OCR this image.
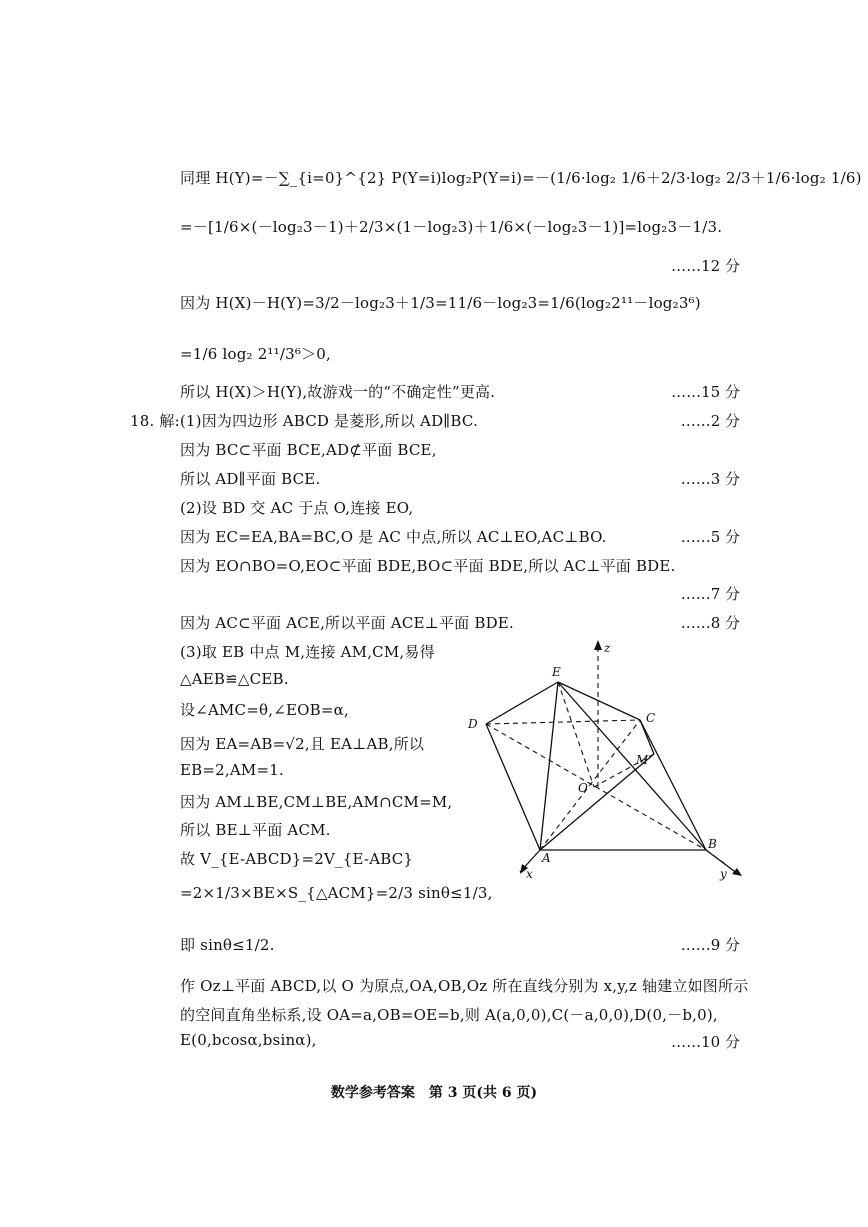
同理 H(Y)=－∑_{i=0}^{2} P(Y=i)log₂P(Y=i)=－(1/6·log₂ 1/6＋2/3·log₂ 2/3＋1/6·log₂ 1/6)
=－[1/6×(－log₂3－1)＋2/3×(1－log₂3)＋1/6×(－log₂3－1)]=log₂3－1/3.
……12 分
因为 H(X)－H(Y)=3/2－log₂3＋1/3=11/6－log₂3=1/6(log₂2¹¹－log₂3⁶)
=1/6 log₂ 2¹¹/3⁶＞0,
所以 H(X)＞H(Y),故游戏一的“不确定性”更高.	……15 分
18. 解:(1)因为四边形 ABCD 是菱形,所以 AD∥BC.	……2 分
因为 BC⊂平面 BCE,AD⊄平面 BCE,
所以 AD∥平面 BCE.	……3 分
(2)设 BD 交 AC 于点 O,连接 EO,
因为 EC=EA,BA=BC,O 是 AC 中点,所以 AC⊥EO,AC⊥BO.	……5 分
因为 EO∩BO=O,EO⊂平面 BDE,BO⊂平面 BDE,所以 AC⊥平面 BDE.
……7 分
因为 AC⊂平面 ACE,所以平面 ACE⊥平面 BDE.	……8 分
(3)取 EB 中点 M,连接 AM,CM,易得
△AEB≌△CEB.
设∠AMC=θ,∠EOB=α,
因为 EA=AB=√2,且 EA⊥AB,所以
EB=2,AM=1.
因为 AM⊥BE,CM⊥BE,AM∩CM=M,
所以 BE⊥平面 ACM.
故 V_{E-ABCD}=2V_{E-ABC}
=2×1/3×BE×S_{△ACM}=2/3 sinθ≤1/3,
即 sinθ≤1/2.	……9 分
作 Oz⊥平面 ABCD,以 O 为原点,OA,OB,Oz 所在直线分别为 x,y,z 轴建立如图所示
的空间直角坐标系,设 OA=a,OB=OE=b,则 A(a,0,0),C(－a,0,0),D(0,－b,0),
E(0,bcosα,bsinα),	……10 分
E
D	C
M
O
A
B
x	y
z
数学参考答案　第 3 页(共 6 页)
